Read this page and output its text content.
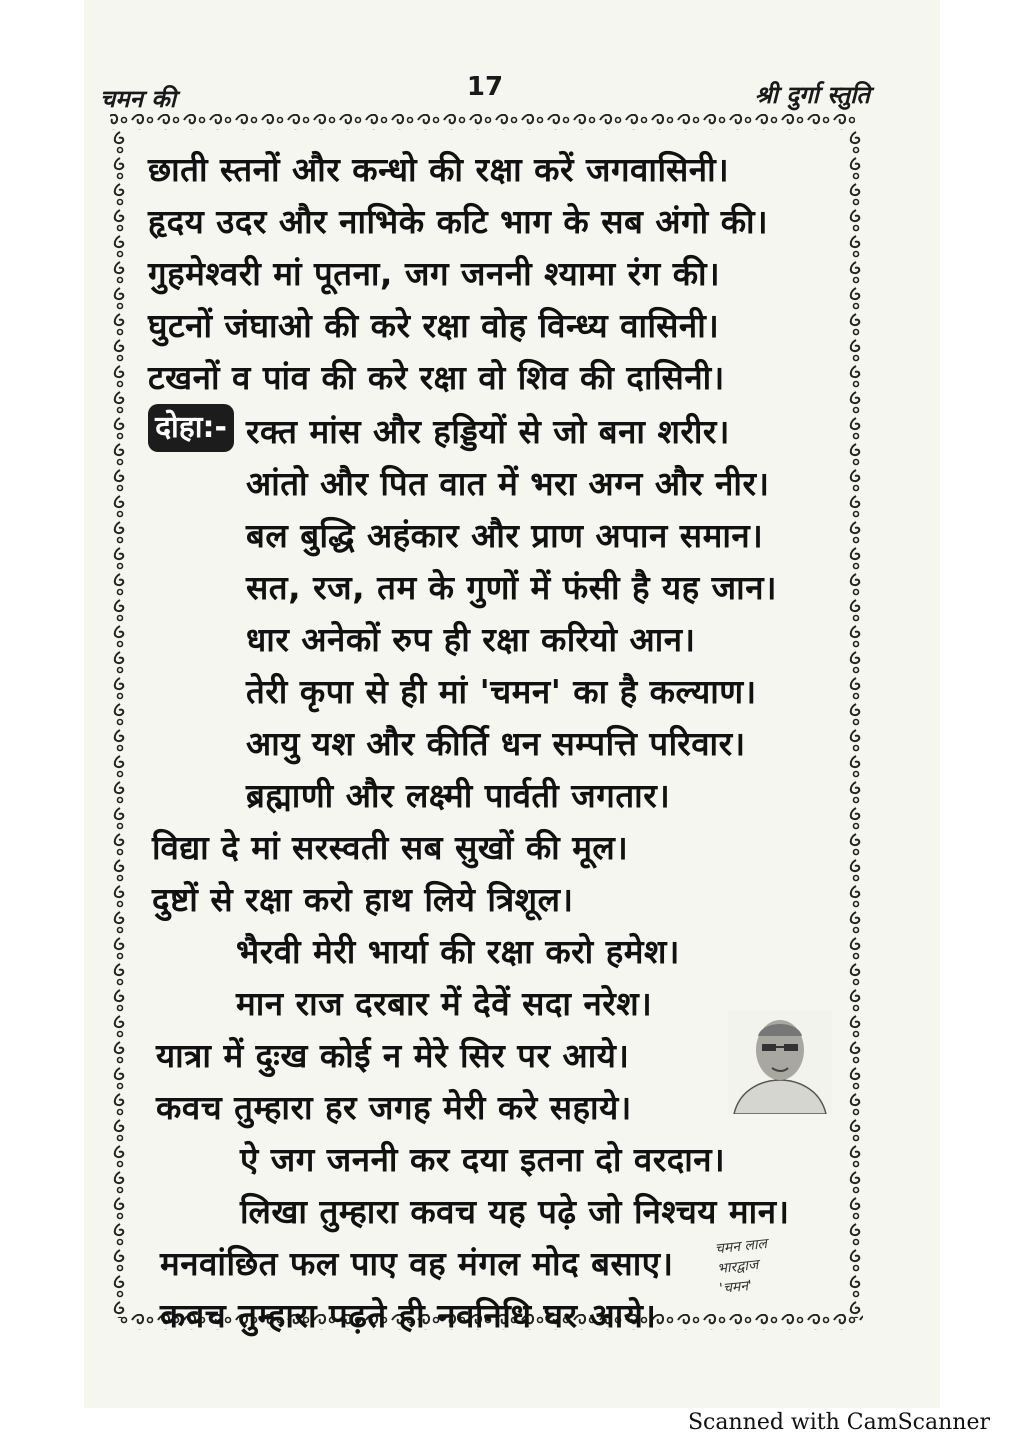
चमन की	17	श्री दुर्गा स्तुति
छाती स्तनों और कन्धो की रक्षा करें जगवासिनी।
हृदय उदर और नाभिके कटि भाग के सब अंगो की।
गुहमेश्वरी मां पूतना, जग जननी श्यामा रंग की।
घुटनों जंघाओ की करे रक्षा वोह विन्ध्य वासिनी।
टखनों व पांव की करे रक्षा वो शिव की दासिनी।
दोहा:- रक्त मांस और हड्डियों से जो बना शरीर।
आंतो और पित वात में भरा अग्न और नीर।
बल बुद्धि अहंकार और प्राण अपान समान।
सत, रज, तम के गुणों में फंसी है यह जान।
धार अनेकों रुप ही रक्षा करियो आन।
तेरी कृपा से ही मां 'चमन' का है कल्याण।
आयु यश और कीर्ति धन सम्पत्ति परिवार।
ब्रह्माणी और लक्ष्मी पार्वती जगतार।
विद्या दे मां सरस्वती सब सुखों की मूल।
दुष्टों से रक्षा करो हाथ लिये त्रिशूल।
भैरवी मेरी भार्या की रक्षा करो हमेश।
मान राज दरबार में देवें सदा नरेश।
यात्रा में दुःख कोई न मेरे सिर पर आये।
कवच तुम्हारा हर जगह मेरी करे सहाये।
ऐ जग जननी कर दया इतना दो वरदान।
लिखा तुम्हारा कवच यह पढ़े जो निश्चय मान।
मनवांछित फल पाए वह मंगल मोद बसाए।
कवच तुम्हारा पढ़ते ही नवनिधि घर आये।
चमन लाल
भारद्वाज
'चमन'
Scanned with CamScanner
